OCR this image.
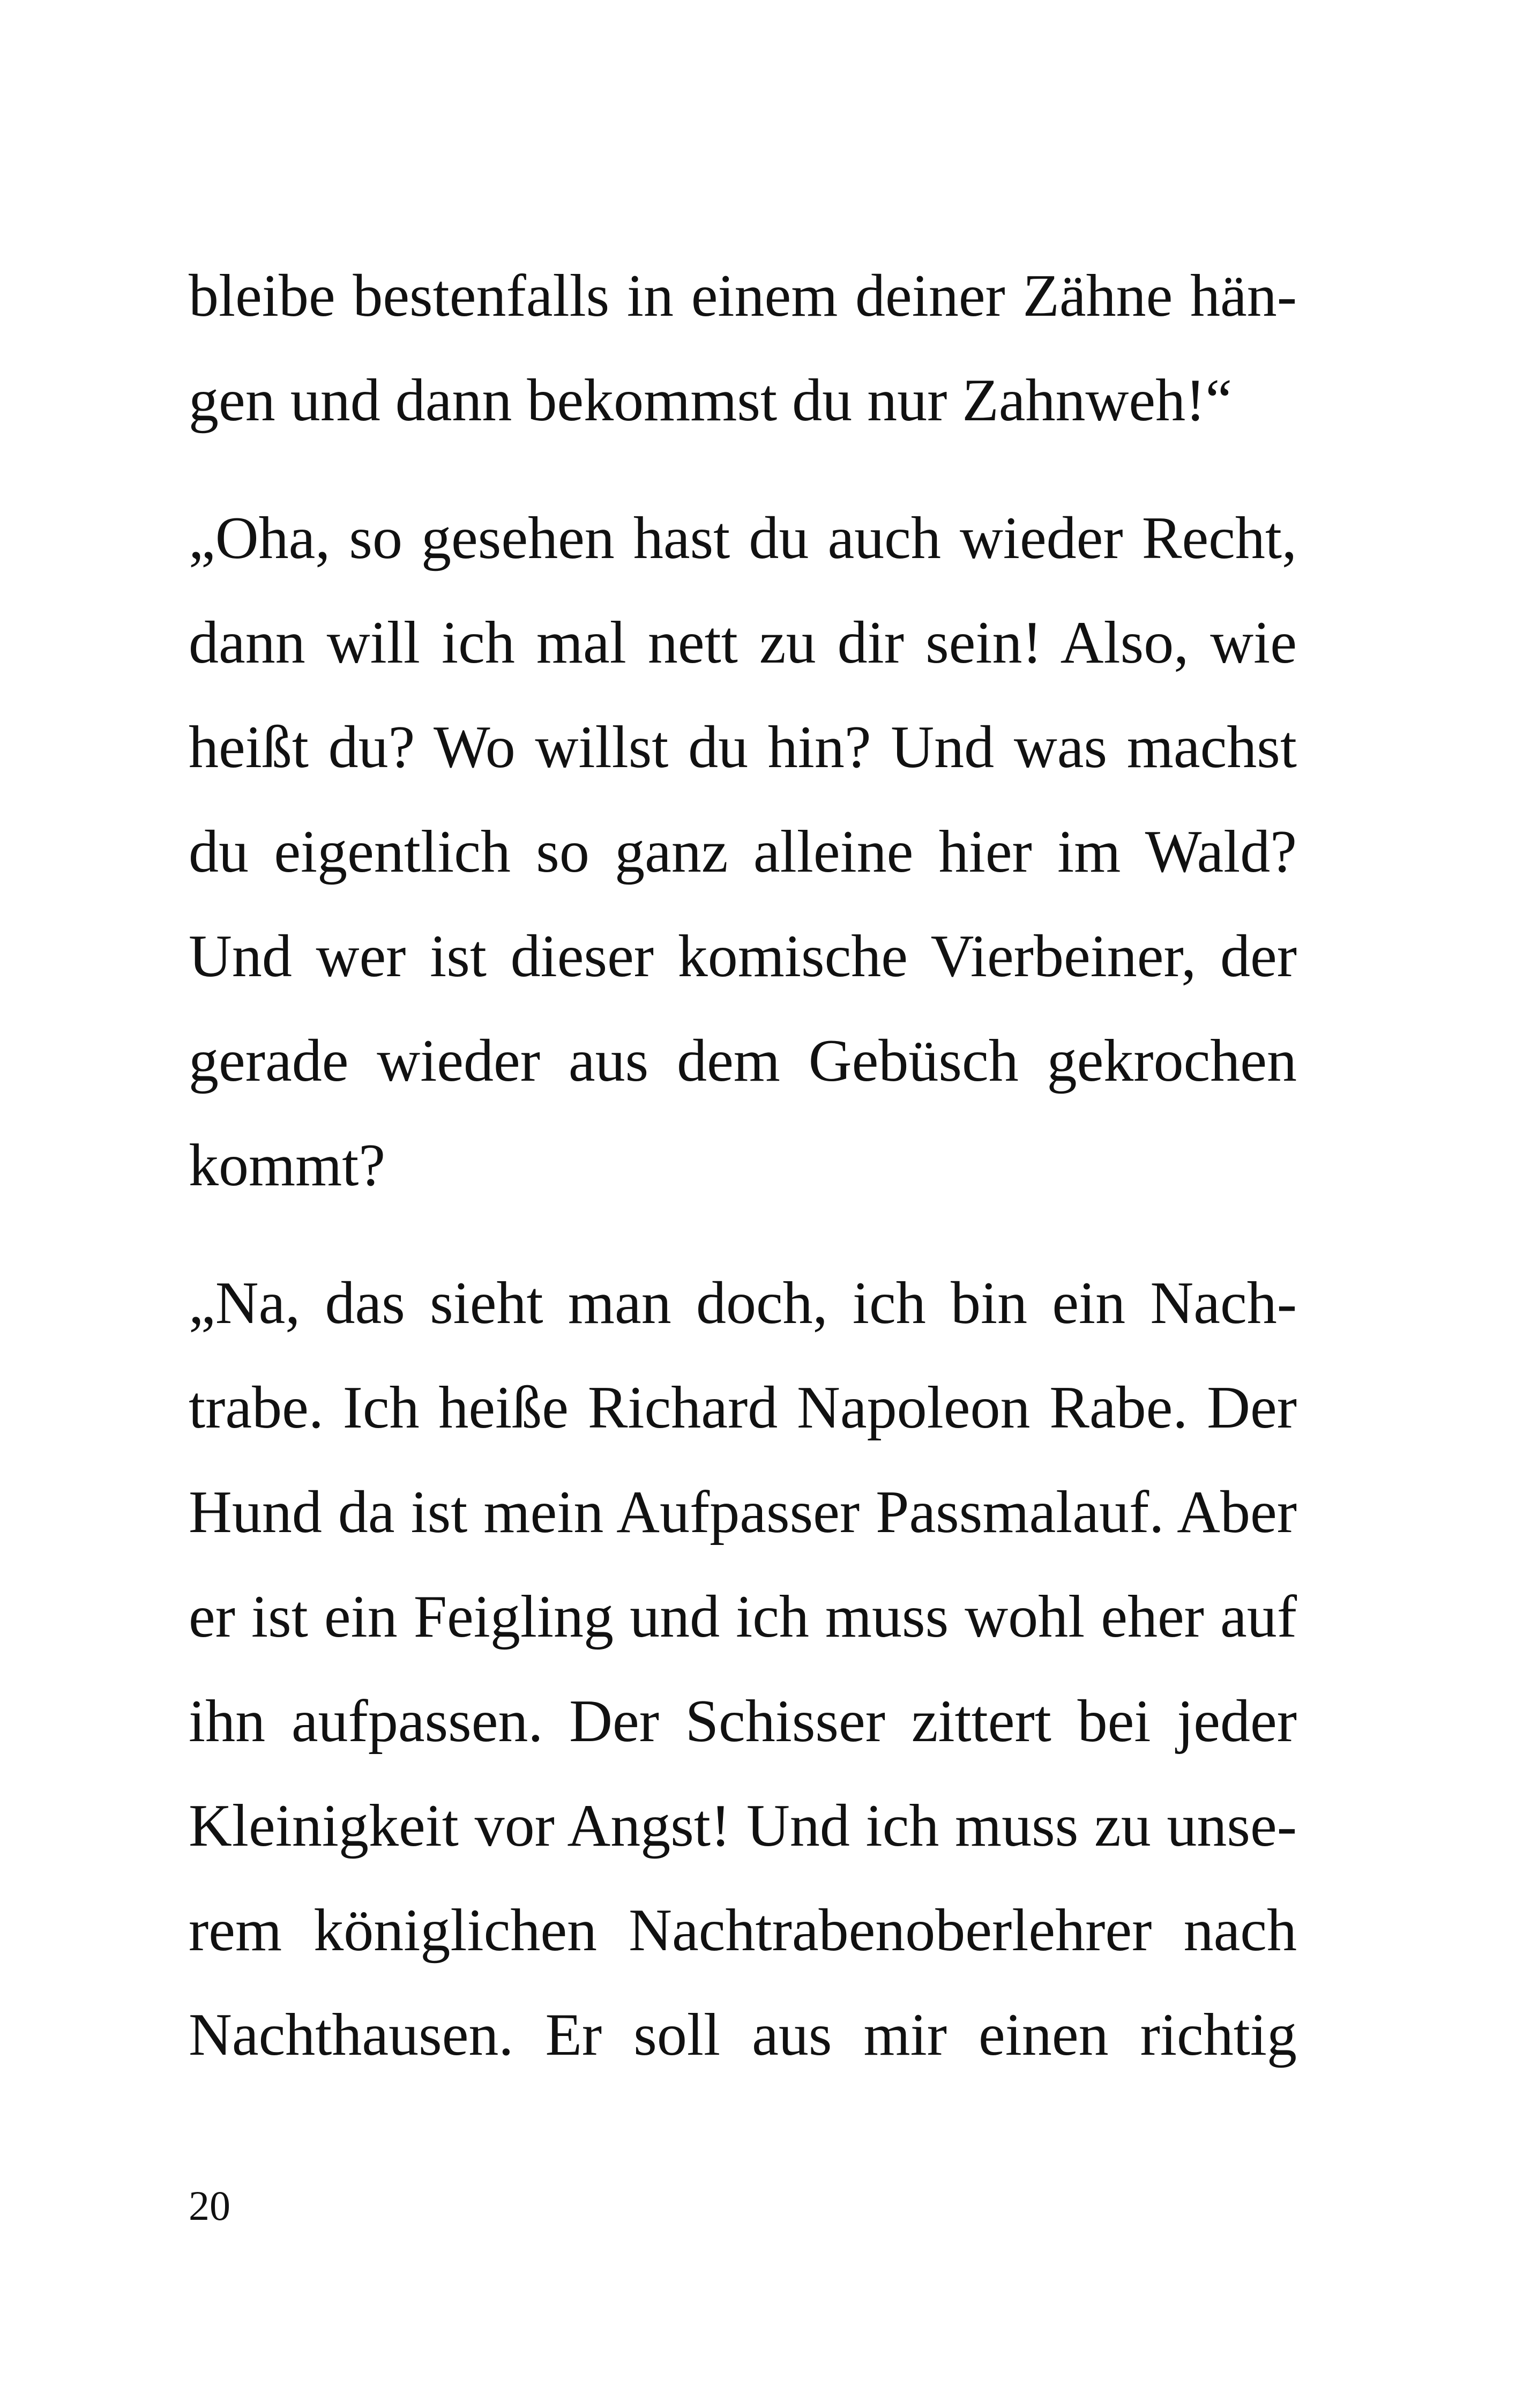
bleibe bestenfalls in einem deiner Zähne hän-
gen und dann bekommst du nur Zahnweh!“
„Oha, so gesehen hast du auch wieder Recht,
dann will ich mal nett zu dir sein! Also, wie
heißt du? Wo willst du hin? Und was machst
du eigentlich so ganz alleine hier im Wald?
Und wer ist dieser komische Vierbeiner, der
gerade wieder aus dem Gebüsch gekrochen
kommt?
„Na, das sieht man doch, ich bin ein Nach-
trabe. Ich heiße Richard Napoleon Rabe. Der
Hund da ist mein Aufpasser Passmalauf. Aber
er ist ein Feigling und ich muss wohl eher auf
ihn aufpassen. Der Schisser zittert bei jeder
Kleinigkeit vor Angst! Und ich muss zu unse-
rem königlichen Nachtrabenoberlehrer nach
Nachthausen. Er soll aus mir einen richtig
20
